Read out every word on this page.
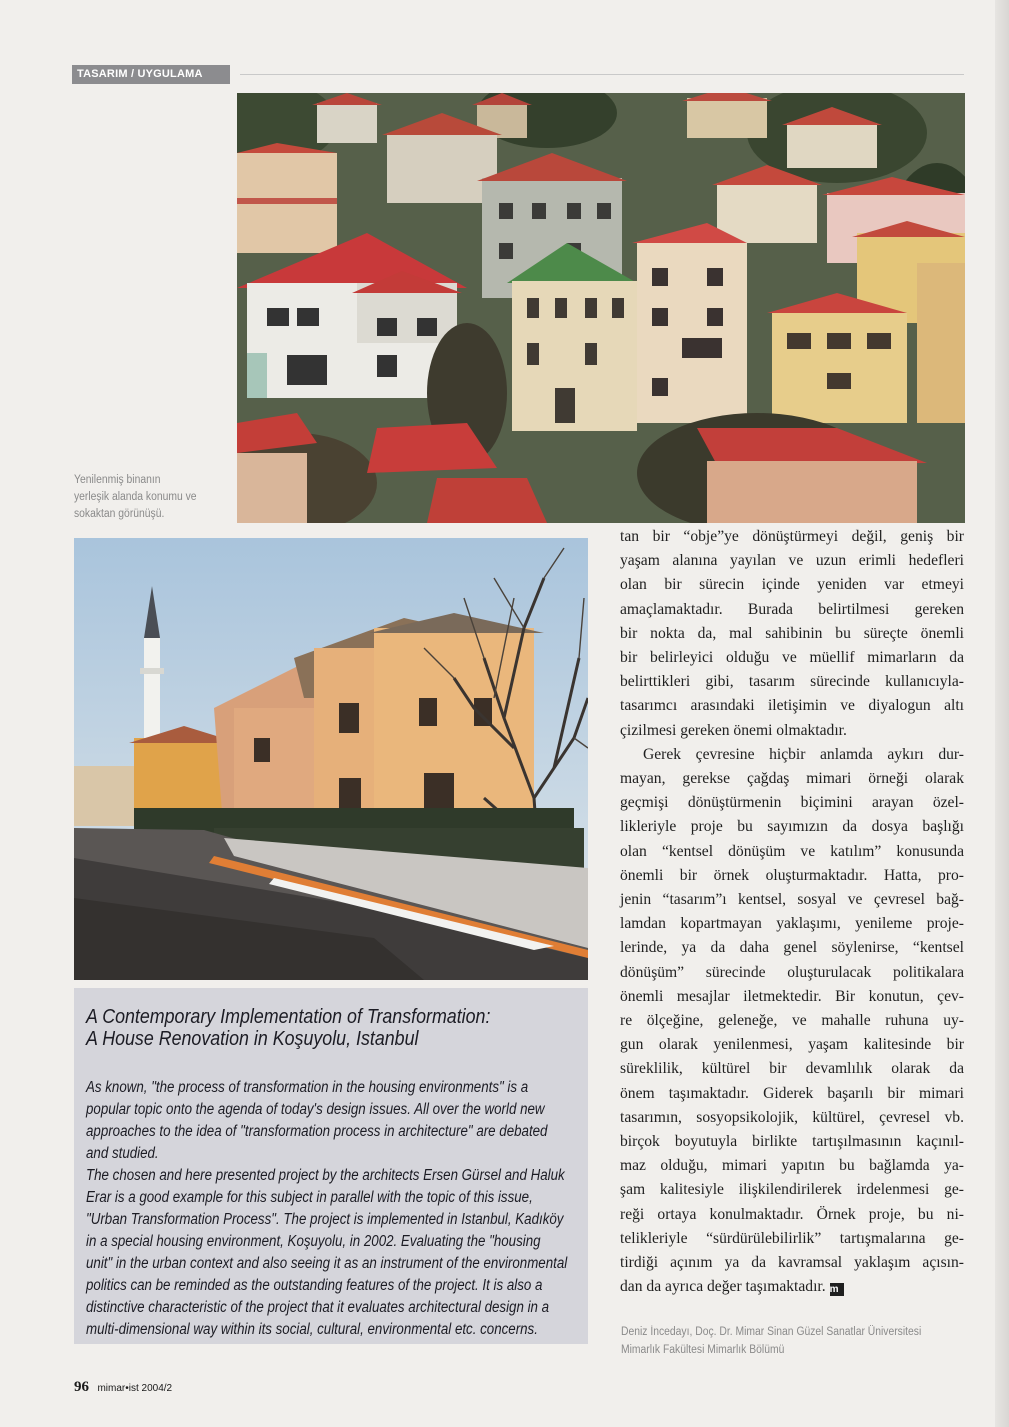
TASARIM / UYGULAMA
Yenilenmiş binanın
yerleşik alanda konumu ve
sokaktan görünüşü.
A Contemporary Implementation of Transformation:
A House Renovation in Koşuyolu, Istanbul
As known, "the process of transformation in the housing environments" is a
popular topic onto the agenda of today's design issues. All over the world new
approaches to the idea of "transformation process in architecture" are debated
and studied.
The chosen and here presented project by the architects Ersen Gürsel and Haluk
Erar is a good example for this subject in parallel with the topic of this issue,
"Urban Transformation Process". The project is implemented in Istanbul, Kadıköy
in a special housing environment, Koşuyolu, in 2002. Evaluating the "housing
unit" in the urban context and also seeing it as an instrument of the environmental
politics can be reminded as the outstanding features of the project. It is also a
distinctive characteristic of the project that it evaluates architectural design in a
multi-dimensional way within its social, cultural, environmental etc. concerns.
tan bir “obje”ye dönüştürmeyi değil, geniş bir
yaşam alanına yayılan ve uzun erimli hedefleri
olan bir sürecin içinde yeniden var etmeyi
amaçlamaktadır. Burada belirtilmesi gereken
bir nokta da, mal sahibinin bu süreçte önemli
bir belirleyici olduğu ve müellif mimarların da
belirttikleri gibi, tasarım sürecinde kullanıcıyla-
tasarımcı arasındaki iletişimin ve diyalogun altı
çizilmesi gereken önemi olmaktadır.
Gerek çevresine hiçbir anlamda aykırı dur-
mayan, gerekse çağdaş mimari örneği olarak
geçmişi dönüştürmenin biçimini arayan özel-
likleriyle proje bu sayımızın da dosya başlığı
olan “kentsel dönüşüm ve katılım” konusunda
önemli bir örnek oluşturmaktadır. Hatta, pro-
jenin “tasarım”ı kentsel, sosyal ve çevresel bağ-
lamdan kopartmayan yaklaşımı, yenileme proje-
lerinde, ya da daha genel söylenirse, “kentsel
dönüşüm” sürecinde oluşturulacak politikalara
önemli mesajlar iletmektedir. Bir konutun, çev-
re ölçeğine, geleneğe, ve mahalle ruhuna uy-
gun olarak yenilenmesi, yaşam kalitesinde bir
süreklilik, kültürel bir devamlılık olarak da
önem taşımaktadır. Giderek başarılı bir mimari
tasarımın, sosyopsikolojik, kültürel, çevresel vb.
birçok boyutuyla birlikte tartışılmasının kaçınıl-
maz olduğu, mimari yapıtın bu bağlamda ya-
şam kalitesiyle ilişkilendirilerek irdelenmesi ge-
reği ortaya konulmaktadır. Örnek proje, bu ni-
telikleriyle “sürdürülebilirlik” tartışmalarına ge-
tirdiği açınım ya da kavramsal yaklaşım açısın-
dan da ayrıca değer taşımaktadır. m
Deniz İncedayı, Doç. Dr. Mimar Sinan Güzel Sanatlar Üniversitesi
Mimarlık Fakültesi Mimarlık Bölümü
96 mimar•ist 2004/2
